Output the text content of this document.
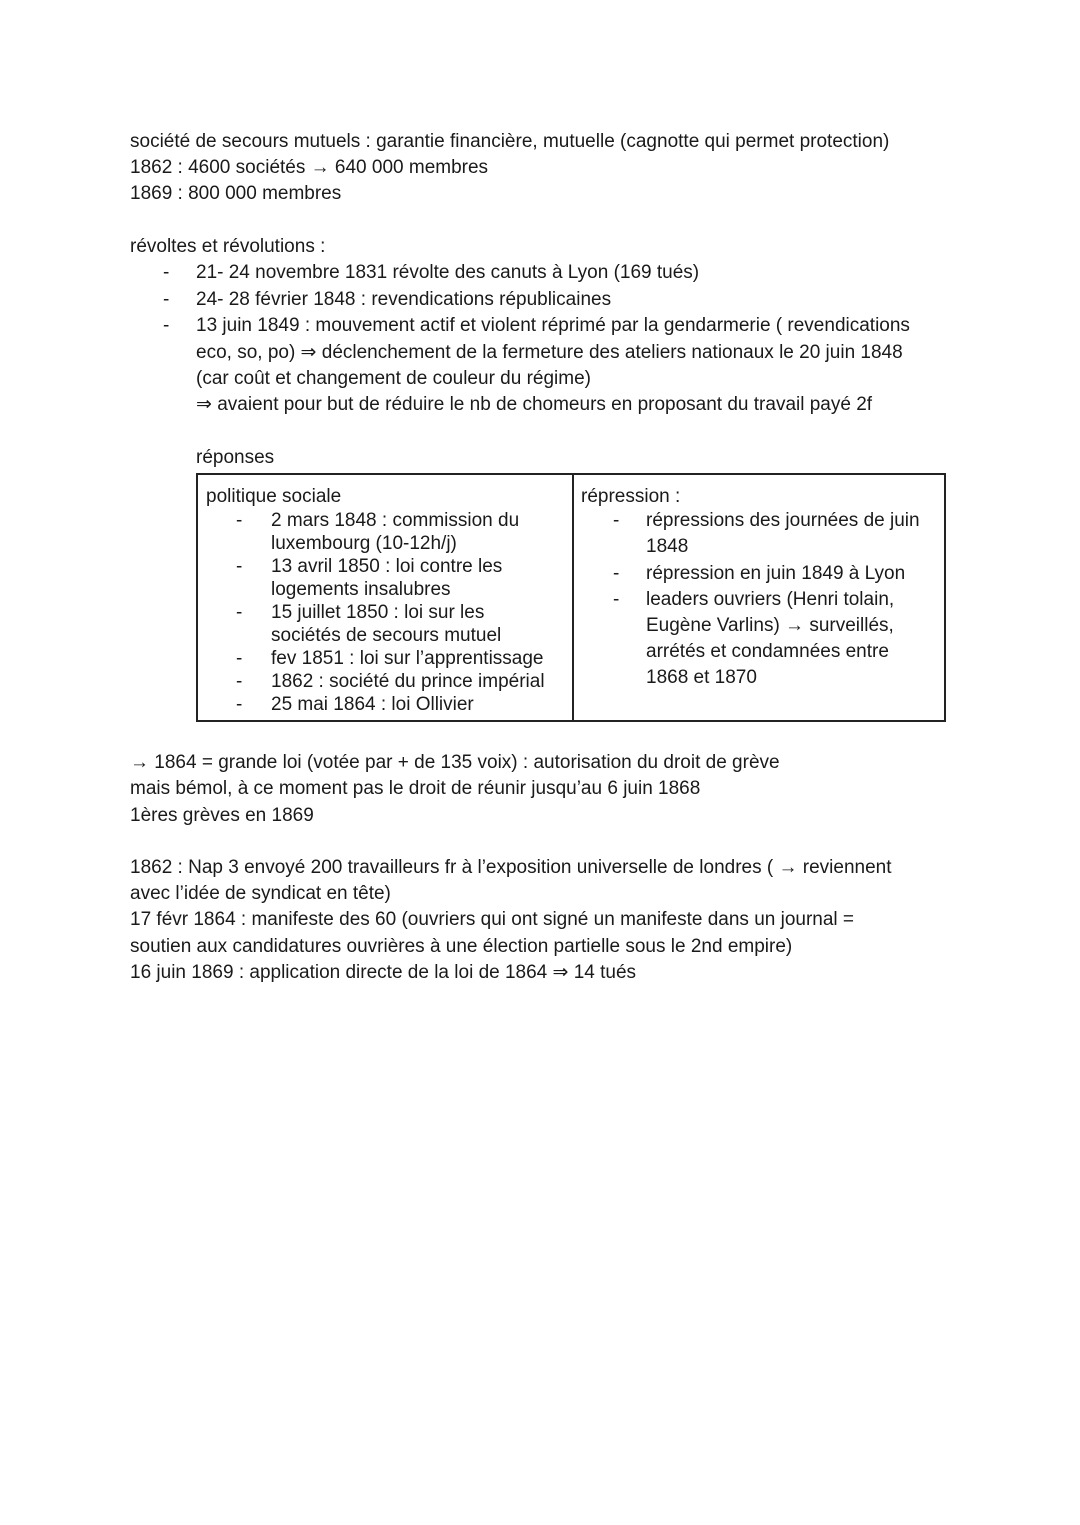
société de secours mutuels : garantie financière, mutuelle (cagnotte qui permet protection)
1862 : 4600 sociétés → 640 000 membres
1869 : 800 000 membres
révoltes et révolutions :
- 21- 24 novembre 1831 révolte des canuts à Lyon (169 tués)
- 24- 28 février 1848 : revendications républicaines
- 13 juin 1849 : mouvement actif et violent réprimé par la gendarmerie ( revendications
eco, so, po) ⇒ déclenchement de la fermeture des ateliers nationaux le 20 juin 1848
(car coût et changement de couleur du régime)
⇒ avaient pour but de réduire le nb de chomeurs en proposant du travail payé 2f
réponses
politique sociale
- 2 mars 1848 : commission du
luxembourg (10-12h/j)
- 13 avril 1850 : loi contre les
logements insalubres
- 15 juillet 1850 : loi sur les
sociétés de secours mutuel
- fev 1851 : loi sur l’apprentissage
- 1862 : société du prince impérial
- 25 mai 1864 : loi Ollivier
répression :
- répressions des journées de juin
1848
- répression en juin 1849 à Lyon
- leaders ouvriers (Henri tolain,
Eugène Varlins) → surveillés,
arrétés et condamnées entre
1868 et 1870
→ 1864 = grande loi (votée par + de 135 voix) : autorisation du droit de grève
mais bémol, à ce moment pas le droit de réunir jusqu’au 6 juin 1868
1ères grèves en 1869
1862 : Nap 3 envoyé 200 travailleurs fr à l’exposition universelle de londres ( → reviennent
avec l’idée de syndicat en tête)
17 févr 1864 : manifeste des 60 (ouvriers qui ont signé un manifeste dans un journal =
soutien aux candidatures ouvrières à une élection partielle sous le 2nd empire)
16 juin 1869 : application directe de la loi de 1864 ⇒ 14 tués
